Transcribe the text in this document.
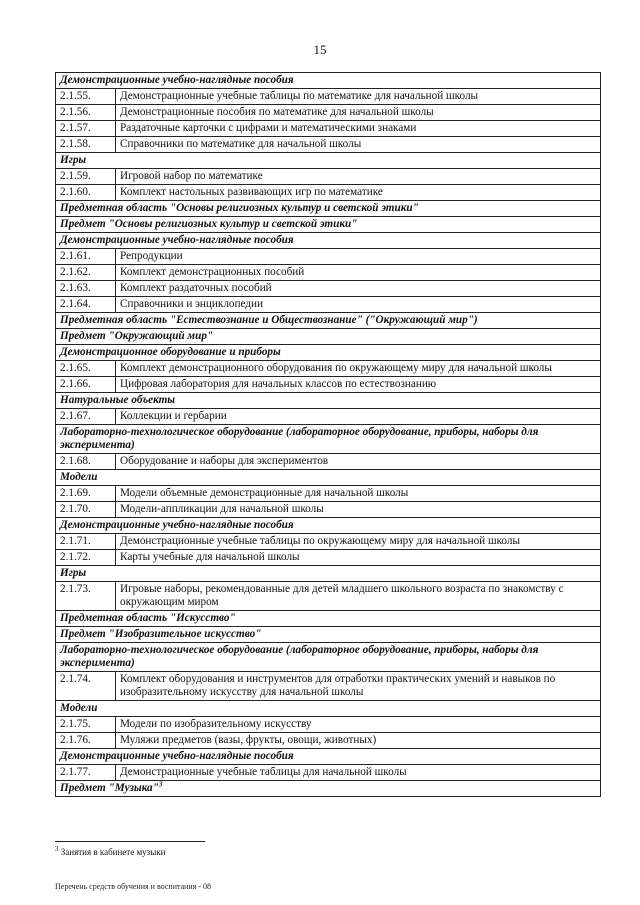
15
Демонстрационные учебно-наглядные пособия	
2.1.55.	Демонстрационные учебные таблицы по математике для начальной школы
2.1.56.	Демонстрационные пособия по математике для начальной школы
2.1.57.	Раздаточные карточки с цифрами и математическими знаками
2.1.58.	Справочники по математике для начальной школы
Игры	
2.1.59.	Игровой набор по математике
2.1.60.	Комплект настольных развивающих игр по математике
Предметная область "Основы религиозных культур и светской этики"	
Предмет "Основы религиозных культур и светской этики"	
Демонстрационные учебно-наглядные пособия	
2.1.61.	Репродукции
2.1.62.	Комплект демонстрационных пособий
2.1.63.	Комплект раздаточных пособий
2.1.64.	Справочники и энциклопедии
Предметная область "Естествознание и Обществознание" ("Окружающий мир")	
Предмет "Окружающий мир"	
Демонстрационное оборудование и приборы	
2.1.65.	Комплект демонстрационного оборудования по окружающему миру для начальной школы
2.1.66.	Цифровая лаборатория для начальных классов по естествознанию
Натуральные объекты	
2.1.67.	Коллекции и гербарии
Лабораторно-технологическое оборудование (лабораторное оборудование, приборы, наборы для эксперимента)	
2.1.68.	Оборудование и наборы для экспериментов
Модели	
2.1.69.	Модели объемные демонстрационные для начальной школы
2.1.70.	Модели-аппликации для начальной школы
Демонстрационные учебно-наглядные пособия	
2.1.71.	Демонстрационные учебные таблицы по окружающему миру для начальной школы
2.1.72.	Карты учебные для начальной школы
Игры	
2.1.73.	Игровые наборы, рекомендованные для детей младшего школьного возраста по знакомству с окружающим миром
Предметная область "Искусство"	
Предмет "Изобразительное искусство"	
Лабораторно-технологическое оборудование (лабораторное оборудование, приборы, наборы для эксперимента)	
2.1.74.	Комплект оборудования и инструментов для отработки практических умений и навыков по изобразительному искусству для начальной школы
Модели	
2.1.75.	Модели по изобразительному искусству
2.1.76.	Муляжи предметов (вазы, фрукты, овощи, животных)
Демонстрационные учебно-наглядные пособия	
2.1.77.	Демонстрационные учебные таблицы для начальной школы
Предмет "Музыка"$^3$
$^3$ Занятия в кабинете музыки
Перечень средств обучения и воспитания - 08
